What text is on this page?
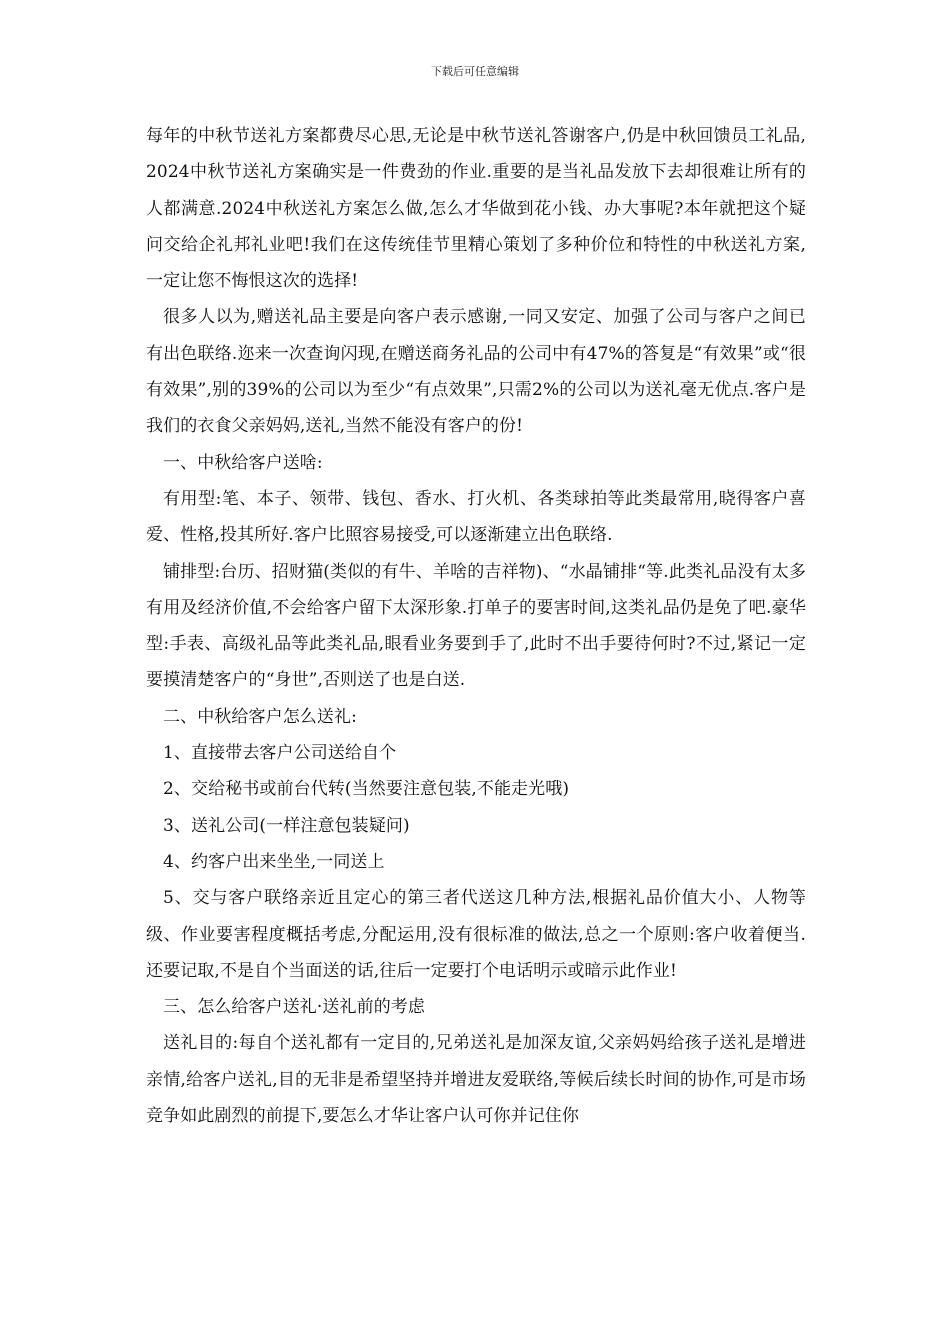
下载后可任意编辑

每年的中秋节送礼方案都费尽心思,无论是中秋节送礼答谢客户,仍是中秋回馈员工礼品,2024中秋节送礼方案确实是一件费劲的作业.重要的是当礼品发放下去却很难让所有的人都满意.2024中秋送礼方案怎么做,怎么才华做到花小钱、办大事呢?本年就把这个疑问交给企礼邦礼业吧!我们在这传统佳节里精心策划了多种价位和特性的中秋送礼方案,一定让您不悔恨这次的选择!

很多人以为,赠送礼品主要是向客户表示感谢,一同又安定、加强了公司与客户之间已有出色联络.迩来一次查询闪现,在赠送商务礼品的公司中有47%的答复是“有效果”或“很有效果”,别的39%的公司以为至少“有点效果”,只需2%的公司以为送礼毫无优点.客户是我们的衣食父亲妈妈,送礼,当然不能没有客户的份!

一、中秋给客户送啥:

有用型:笔、本子、领带、钱包、香水、打火机、各类球拍等此类最常用,晓得客户喜爱、性格,投其所好.客户比照容易接受,可以逐渐建立出色联络.

铺排型:台历、招财猫(类似的有牛、羊啥的吉祥物)、“水晶铺排“等.此类礼品没有太多有用及经济价值,不会给客户留下太深形象.打单子的要害时间,这类礼品仍是免了吧.豪华型:手表、高级礼品等此类礼品,眼看业务要到手了,此时不出手要待何时?不过,紧记一定要摸清楚客户的“身世”,否则送了也是白送.

二、中秋给客户怎么送礼:

1、直接带去客户公司送给自个

2、交给秘书或前台代转(当然要注意包装,不能走光哦)

3、送礼公司(一样注意包装疑问)

4、约客户出来坐坐,一同送上

5、交与客户联络亲近且定心的第三者代送这几种方法,根据礼品价值大小、人物等级、作业要害程度概括考虑,分配运用,没有很标准的做法,总之一个原则:客户收着便当.还要记取,不是自个当面送的话,往后一定要打个电话明示或暗示此作业!

三、怎么给客户送礼·送礼前的考虑

送礼目的:每自个送礼都有一定目的,兄弟送礼是加深友谊,父亲妈妈给孩子送礼是增进亲情,给客户送礼,目的无非是希望坚持并增进友爱联络,等候后续长时间的协作,可是市场竞争如此剧烈的前提下,要怎么才华让客户认可你并记住你
